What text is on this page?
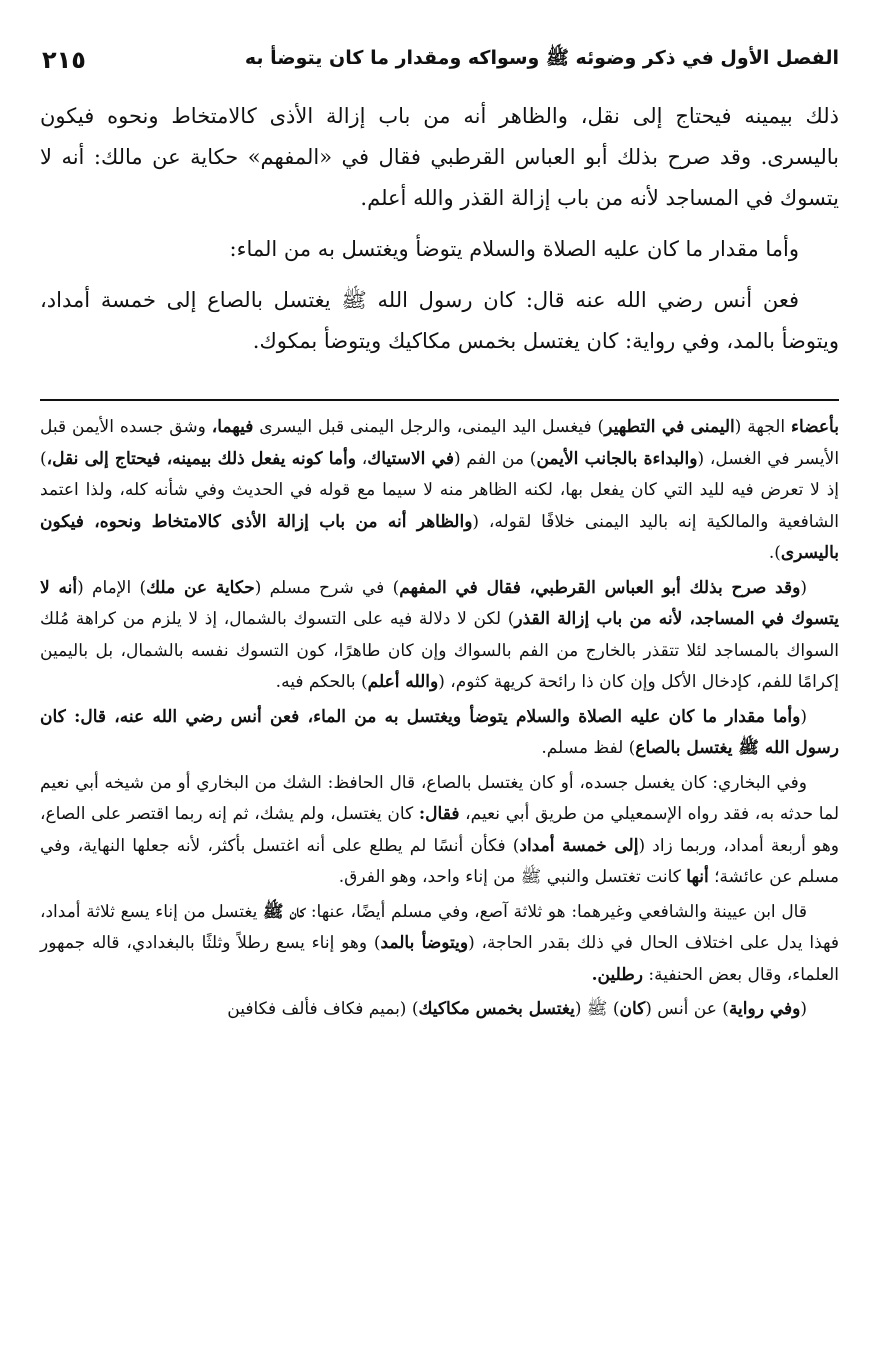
٢١٥	الفصل الأول في ذكر وضوئه ﷺ وسواكه ومقدار ما كان يتوضأ به

ذلك بيمينه فيحتاج إلى نقل، والظاهر أنه من باب إزالة الأذى كالامتخاط ونحوه فيكون باليسرى. وقد صرح بذلك أبو العباس القرطبي فقال في «المفهم» حكاية عن مالك: أنه لا يتسوك في المساجد لأنه من باب إزالة القذر والله أعلم.

وأما مقدار ما كان عليه الصلاة والسلام يتوضأ ويغتسل به من الماء:

فعن أنس رضي الله عنه قال: كان رسول الله ﷺ يغتسل بالصاع إلى خمسة أمداد، ويتوضأ بالمد، وفي رواية: كان يغتسل بخمس مكاكيك ويتوضأ بمكوك.

بأعضاء الجهة (اليمنى في التطهير) فيغسل اليد اليمنى، والرجل اليمنى قبل اليسرى فيهما، وشق جسده الأيمن قبل الأيسر في الغسل، (والبداءة بالجانب الأيمن) من الفم (في الاستياك، وأما كونه يفعل ذلك بيمينه، فيحتاج إلى نقل،) إذ لا تعرض فيه لليد التي كان يفعل بها، لكنه الظاهر منه لا سيما مع قوله في الحديث وفي شأنه كله، ولذا اعتمد الشافعية والمالكية إنه باليد اليمنى خلافًا لقوله، (والظاهر أنه من باب إزالة الأذى كالامتخاط ونحوه، فيكون باليسرى).

(وقد صرح بذلك أبو العباس القرطبي، فقال في المفهم) في شرح مسلم (حكاية عن ملك) الإمام (أنه لا يتسوك في المساجد، لأنه من باب إزالة القذر) لكن لا دلالة فيه على التسوك بالشمال، إذ لا يلزم من كراهة مُلك السواك بالمساجد لئلا تتقذر بالخارج من الفم بالسواك وإن كان طاهرًا، كون التسوك نفسه بالشمال، بل باليمين إكرامًا للفم، كإدخال الأكل وإن كان ذا رائحة كريهة كثوم، (والله أعلم) بالحكم فيه.

(وأما مقدار ما كان عليه الصلاة والسلام يتوضأ ويغتسل به من الماء، فعن أنس رضي الله عنه، قال: كان رسول الله ﷺ يغتسل بالصاع) لفظ مسلم.

وفي البخاري: كان يغسل جسده، أو كان يغتسل بالصاع، قال الحافظ: الشك من البخاري أو من شيخه أبي نعيم لما حدثه به، فقد رواه الإسمعيلي من طريق أبي نعيم، فقال: كان يغتسل، ولم يشك، ثم إنه ربما اقتصر على الصاع، وهو أربعة أمداد، وربما زاد (إلى خمسة أمداد) فكأن أنسًا لم يطلع على أنه اغتسل بأكثر، لأنه جعلها النهاية، وفي مسلم عن عائشة؛ أنها كانت تغتسل والنبي ﷺ من إناء واحد، وهو الفرق.

قال ابن عيينة والشافعي وغيرهما: هو ثلاثة آصع، وفي مسلم أيضًا، عنها: كان ﷺ يغتسل من إناء يسع ثلاثة أمداد، فهذا يدل على اختلاف الحال في ذلك بقدر الحاجة، (ويتوضأ بالمد) وهو إناء يسع رطلاً وثلثًا بالبغدادي، قاله جمهور العلماء، وقال بعض الحنفية: رطلين.

(وفي رواية) عن أنس (كان) ﷺ (يغتسل بخمس مكاكيك) (بميم فكاف فألف فكافين
